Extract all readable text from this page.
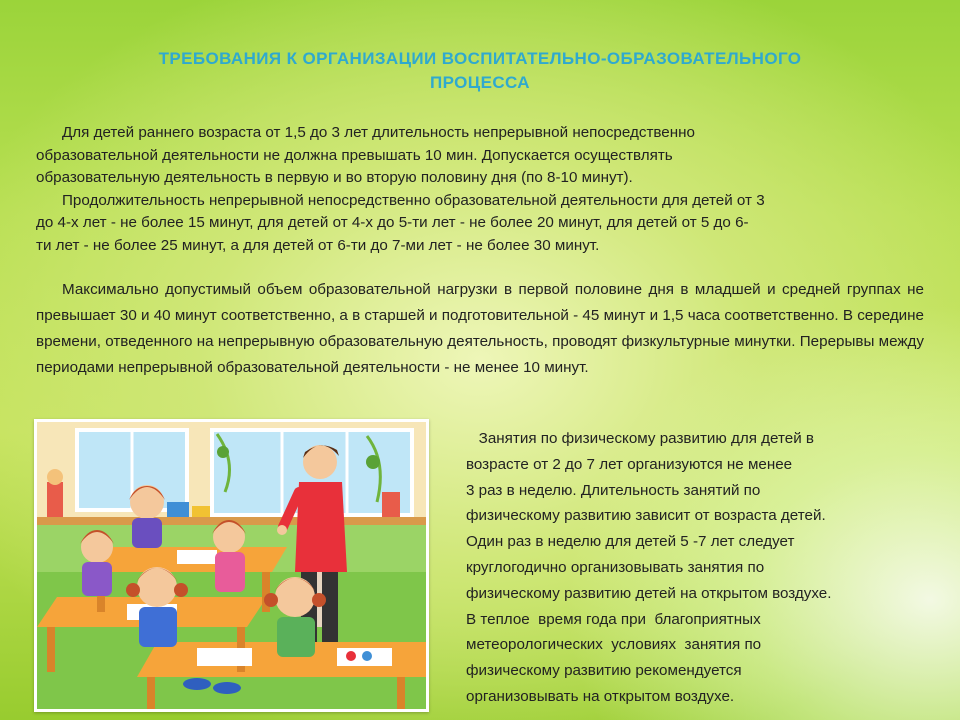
ТРЕБОВАНИЯ К ОРГАНИЗАЦИИ ВОСПИТАТЕЛЬНО-ОБРАЗОВАТЕЛЬНОГО
ПРОЦЕССА

Для детей раннего возраста от 1,5 до 3 лет длительность непрерывной непосредственно
образовательной деятельности не должна превышать 10 мин. Допускается осуществлять
образовательную деятельность в первую и во вторую половину дня (по 8-10 минут).

Продолжительность непрерывной непосредственно образовательной деятельности для детей от 3
до 4-х лет - не более 15 минут, для детей от 4-х до 5-ти лет - не более 20 минут, для детей от 5 до 6-
ти лет - не более 25 минут, а для детей от 6-ти до 7-ми лет - не более 30 минут.

Максимально допустимый объем образовательной нагрузки в первой половине дня в младшей и средней группах не превышает 30 и 40 минут соответственно, а в старшей и подготовительной - 45 минут и 1,5 часа соответственно. В середине времени, отведенного на непрерывную образовательную деятельность, проводят физкультурные минутки. Перерывы между периодами непрерывной образовательной деятельности - не менее 10 минут.

Занятия по физическому развитию для детей в
возрасте от 2 до 7 лет организуются не менее
3 раз в неделю. Длительность занятий по
физическому развитию зависит от возраста детей.
Один раз в неделю для детей 5 -7 лет следует
круглогодично организовывать занятия по
физическому развитию детей на открытом воздухе.
В теплое  время года при  благоприятных
метеорологических  условиях  занятия по
физическому развитию рекомендуется
организовывать на открытом воздухе.
